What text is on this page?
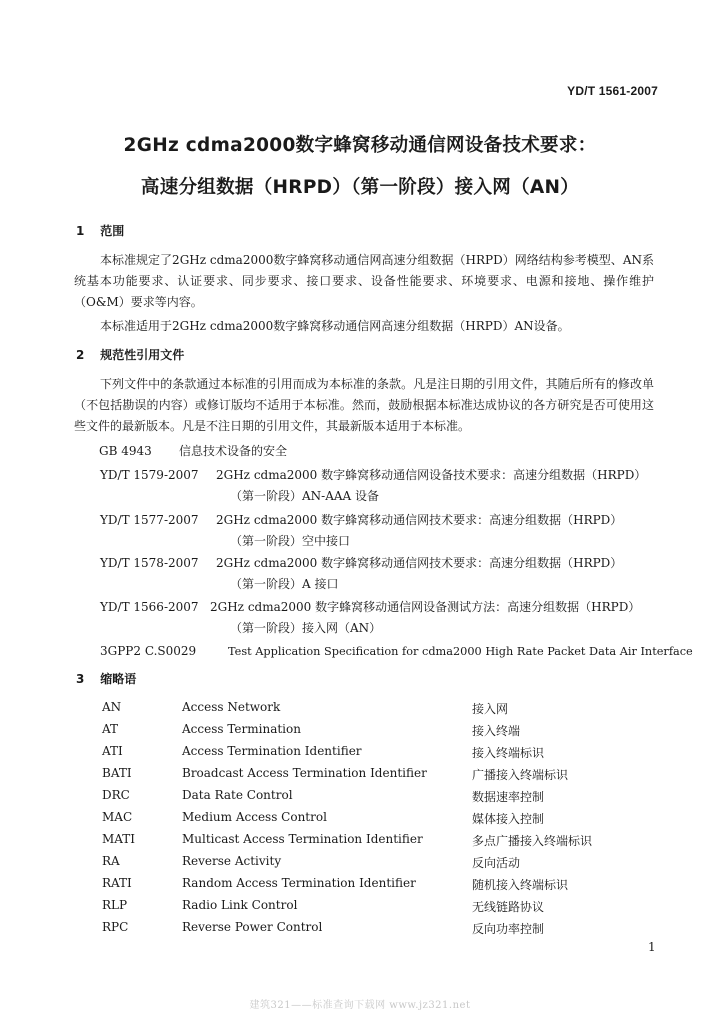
YD/T 1561-2007
2GHz cdma2000数字蜂窝移动通信网设备技术要求：
高速分组数据（HRPD）（第一阶段）接入网（AN）
1 范围

本标准规定了2GHz cdma2000数字蜂窝移动通信网高速分组数据（HRPD）网络结构参考模型、AN系统基本功能要求、认证要求、同步要求、接口要求、设备性能要求、环境要求、电源和接地、操作维护（O&M）要求等内容。

本标准适用于2GHz cdma2000数字蜂窝移动通信网高速分组数据（HRPD）AN设备。

2 规范性引用文件

下列文件中的条款通过本标准的引用而成为本标准的条款。凡是注日期的引用文件，其随后所有的修改单（不包括勘误的内容）或修订版均不适用于本标准。然而，鼓励根据本标准达成协议的各方研究是否可使用这些文件的最新版本。凡是不注日期的引用文件，其最新版本适用于本标准。

GB 4943 信息技术设备的安全
YD/T 1579-2007 2GHz cdma2000 数字蜂窝移动通信网设备技术要求：高速分组数据（HRPD）
（第一阶段）AN-AAA 设备
YD/T 1577-2007 2GHz cdma2000 数字蜂窝移动通信网技术要求：高速分组数据（HRPD）
（第一阶段）空中接口
YD/T 1578-2007 2GHz cdma2000 数字蜂窝移动通信网技术要求：高速分组数据（HRPD）
（第一阶段）A 接口
YD/T 1566-2007 2GHz cdma2000 数字蜂窝移动通信网设备测试方法：高速分组数据（HRPD）
（第一阶段）接入网（AN）
3GPP2 C.S0029	Test Application Specification for cdma2000 High Rate Packet Data Air Interface
3 缩略语
AN	Access Network	接入网
AT	Access Termination	接入终端
ATI	Access Termination Identifier	接入终端标识
BATI	Broadcast Access Termination Identifier	广播接入终端标识
DRC	Data Rate Control	数据速率控制
MAC	Medium Access Control	媒体接入控制
MATI	Multicast Access Termination Identifier	多点广播接入终端标识
RA	Reverse Activity	反向活动
RATI	Random Access Termination Identifier	随机接入终端标识
RLP	Radio Link Control	无线链路协议
RPC	Reverse Power Control	反向功率控制
1
建筑321——标准查询下载网 www.jz321.net
